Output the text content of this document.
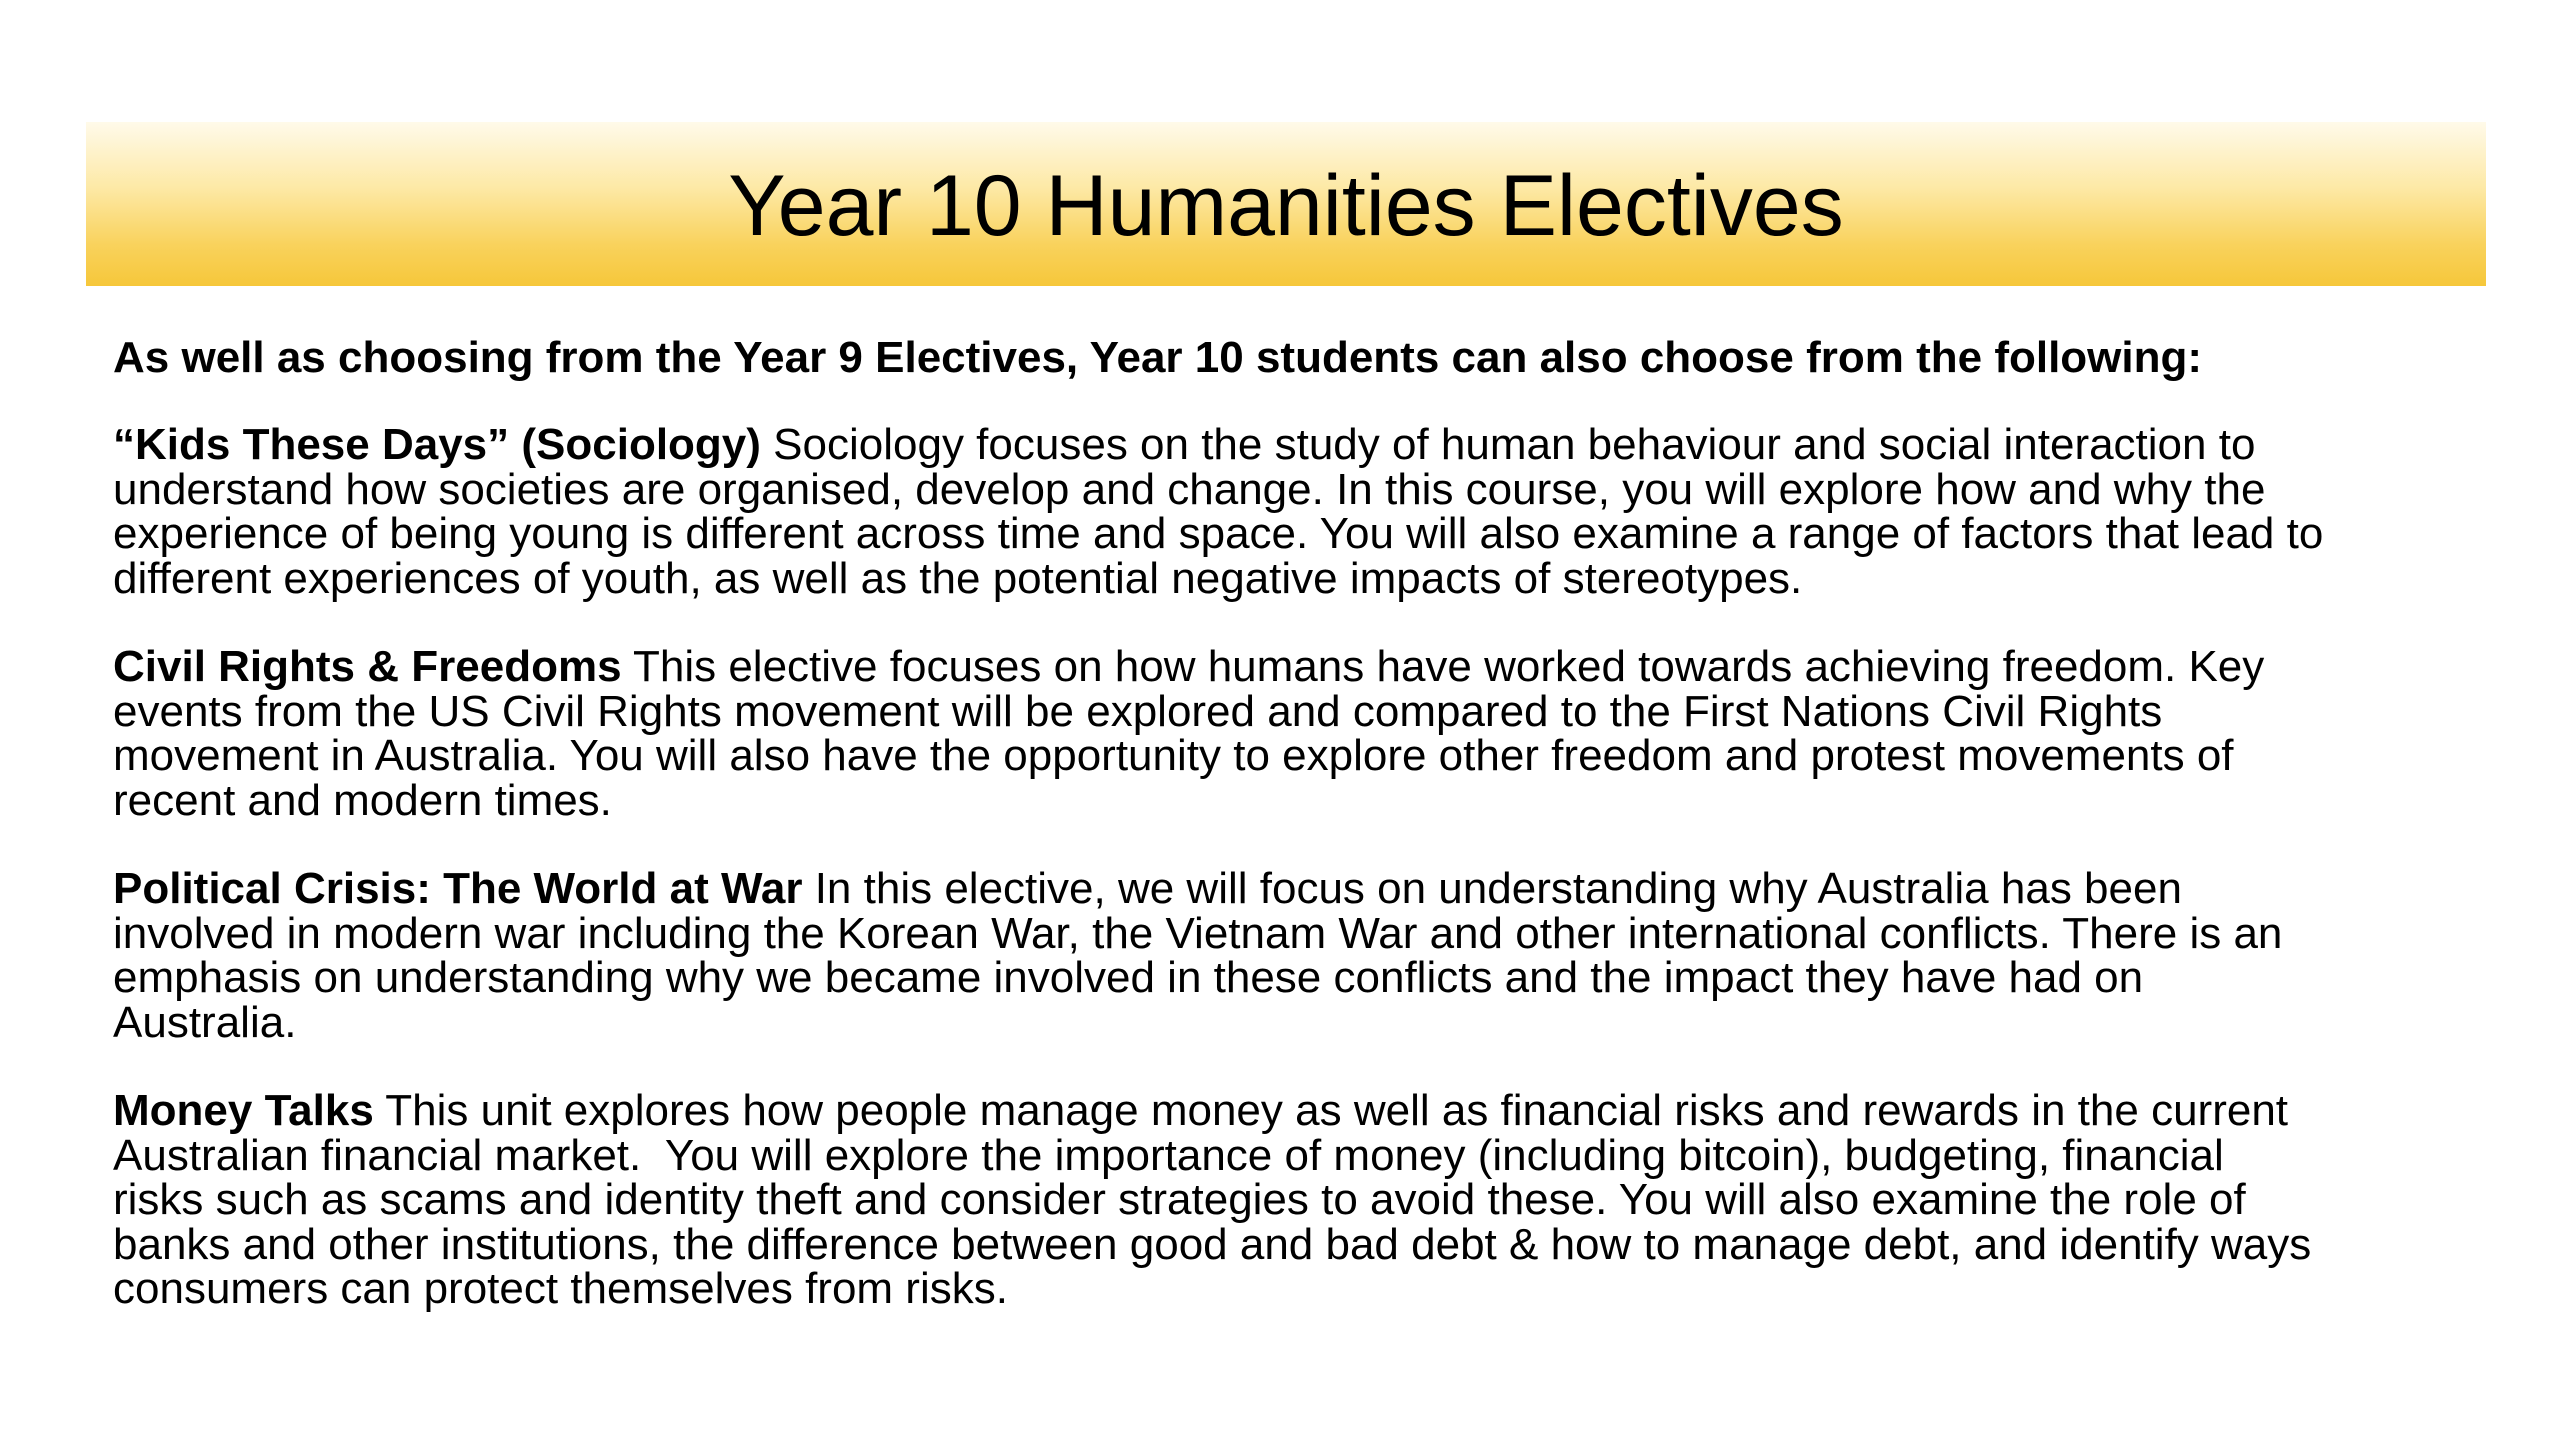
Year 10 Humanities Electives

As well as choosing from the Year 9 Electives, Year 10 students can also choose from the following:

“Kids These Days” (Sociology) Sociology focuses on the study of human behaviour and social interaction to
understand how societies are organised, develop and change. In this course, you will explore how and why the
experience of being young is different across time and space. You will also examine a range of factors that lead to
different experiences of youth, as well as the potential negative impacts of stereotypes.

Civil Rights & Freedoms This elective focuses on how humans have worked towards achieving freedom. Key
events from the US Civil Rights movement will be explored and compared to the First Nations Civil Rights
movement in Australia. You will also have the opportunity to explore other freedom and protest movements of
recent and modern times.

Political Crisis: The World at War In this elective, we will focus on understanding why Australia has been
involved in modern war including the Korean War, the Vietnam War and other international conflicts. There is an
emphasis on understanding why we became involved in these conflicts and the impact they have had on
Australia.

Money Talks This unit explores how people manage money as well as financial risks and rewards in the current
Australian financial market.  You will explore the importance of money (including bitcoin), budgeting, financial
risks such as scams and identity theft and consider strategies to avoid these. You will also examine the role of
banks and other institutions, the difference between good and bad debt & how to manage debt, and identify ways
consumers can protect themselves from risks.
